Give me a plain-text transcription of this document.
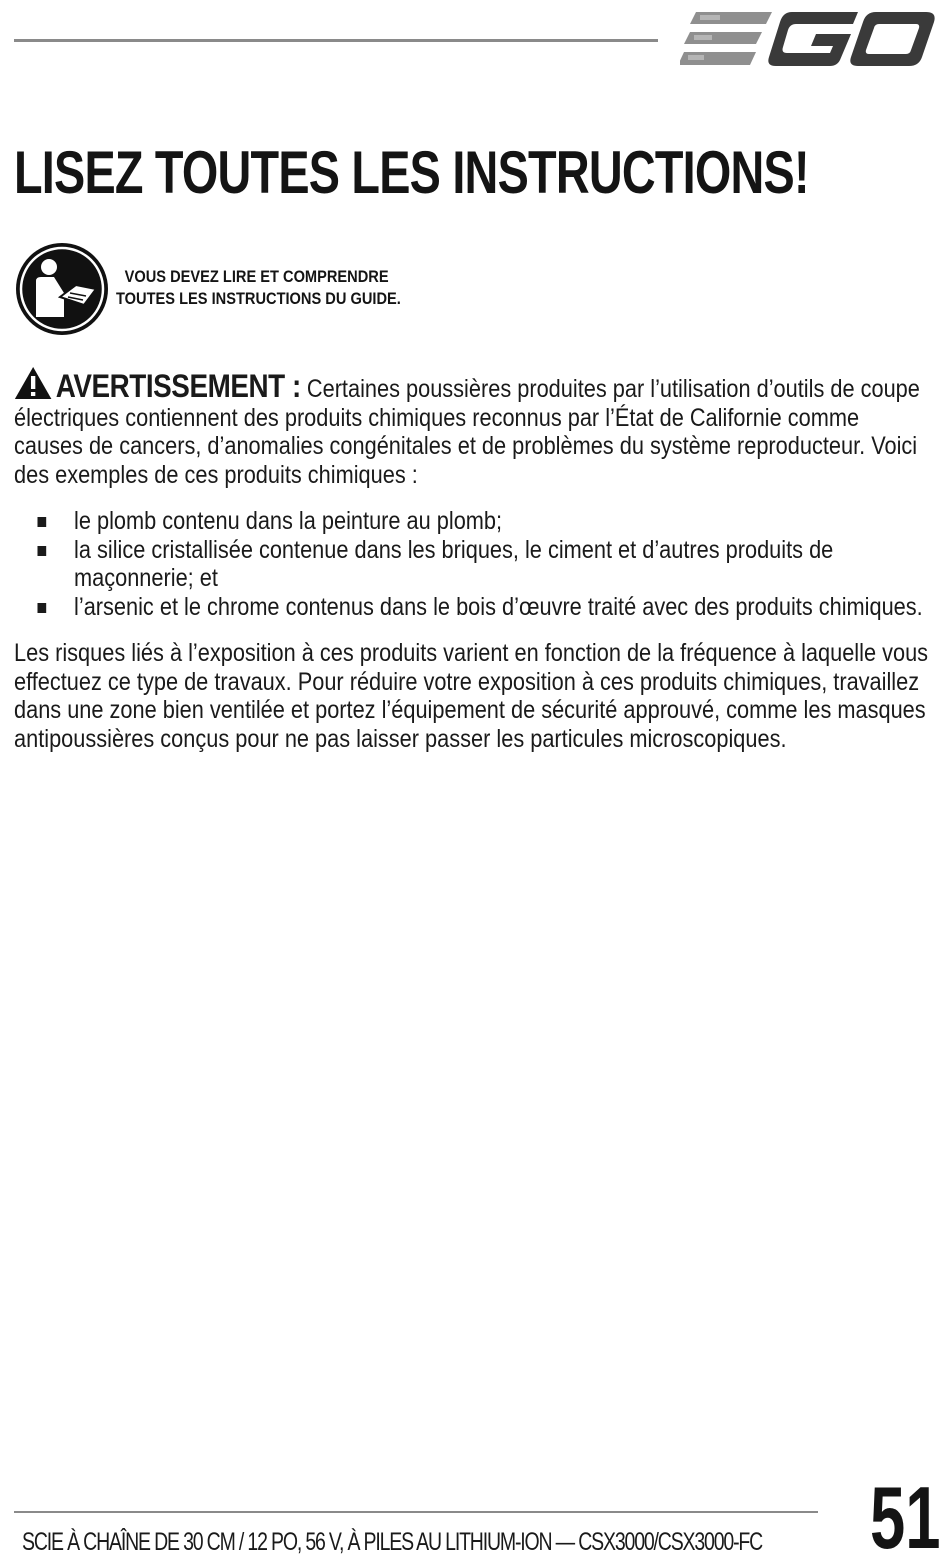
LISEZ TOUTES LES INSTRUCTIONS!
VOUS DEVEZ LIRE ET COMPRENDRE
TOUTES LES INSTRUCTIONS DU GUIDE.
AVERTISSEMENT : Certaines poussières produites par l’utilisation d’outils de coupe électriques contiennent des produits chimiques reconnus par l’État de Californie comme causes de cancers, d’anomalies congénitales et de problèmes du système reproducteur. Voici des exemples de ces produits chimiques :
le plomb contenu dans la peinture au plomb;
la silice cristallisée contenue dans les briques, le ciment et d’autres produits de maçonnerie; et
l’arsenic et le chrome contenus dans le bois d’œuvre traité avec des produits chimiques.

Les risques liés à l’exposition à ces produits varient en fonction de la fréquence à laquelle vous effectuez ce type de travaux. Pour réduire votre exposition à ces produits chimiques, travaillez dans une zone bien ventilée et portez l’équipement de sécurité approuvé, comme les masques antipoussières conçus pour ne pas laisser passer les particules microscopiques.

SCIE À CHAÎNE DE 30 CM / 12 PO, 56 V, À PILES AU LITHIUM-ION — CSX3000/CSX3000-FC 51
